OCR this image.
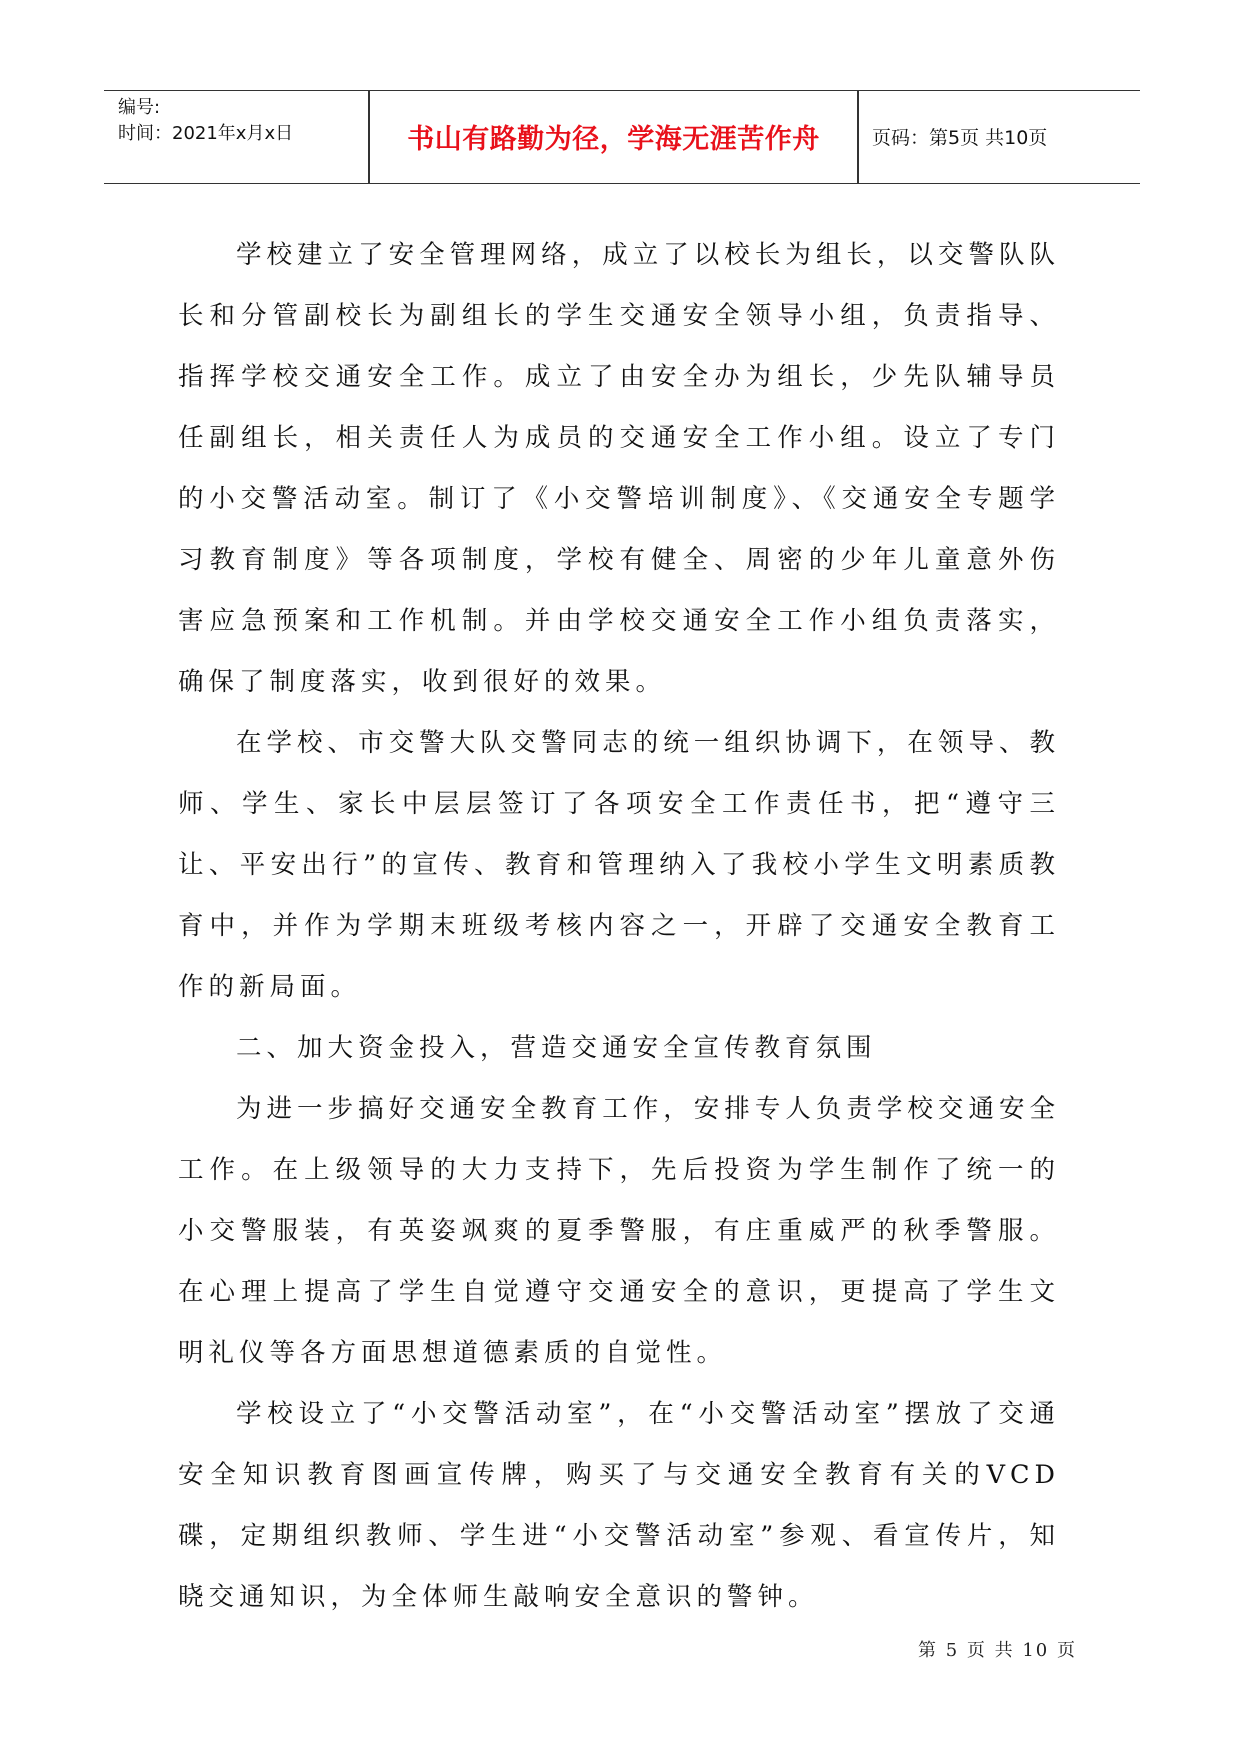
编号:
时间：2021年x月x日	书山有路勤为径，学海无涯苦作舟	页码：第5页 共10页

学校建立了安全管理网络，成立了以校长为组长，以交警队队长和分管副校长为副组长的学生交通安全领导小组，负责指导、指挥学校交通安全工作。成立了由安全办为组长，少先队辅导员任副组长，相关责任人为成员的交通安全工作小组。设立了专门的小交警活动室。制订了《小交警培训制度》、《交通安全专题学习教育制度》等各项制度，学校有健全、周密的少年儿童意外伤害应急预案和工作机制。并由学校交通安全工作小组负责落实，确保了制度落实，收到很好的效果。

在学校、市交警大队交警同志的统一组织协调下，在领导、教师、学生、家长中层层签订了各项安全工作责任书，把“遵守三让、平安出行”的宣传、教育和管理纳入了我校小学生文明素质教育中，并作为学期末班级考核内容之一，开辟了交通安全教育工作的新局面。

二、加大资金投入，营造交通安全宣传教育氛围

为进一步搞好交通安全教育工作，安排专人负责学校交通安全工作。在上级领导的大力支持下，先后投资为学生制作了统一的小交警服装，有英姿飒爽的夏季警服，有庄重威严的秋季警服。在心理上提高了学生自觉遵守交通安全的意识，更提高了学生文明礼仪等各方面思想道德素质的自觉性。

学校设立了“小交警活动室”，在“小交警活动室”摆放了交通安全知识教育图画宣传牌，购买了与交通安全教育有关的VCD碟，定期组织教师、学生进“小交警活动室”参观、看宣传片，知晓交通知识，为全体师生敲响安全意识的警钟。

第 5 页 共 10 页
